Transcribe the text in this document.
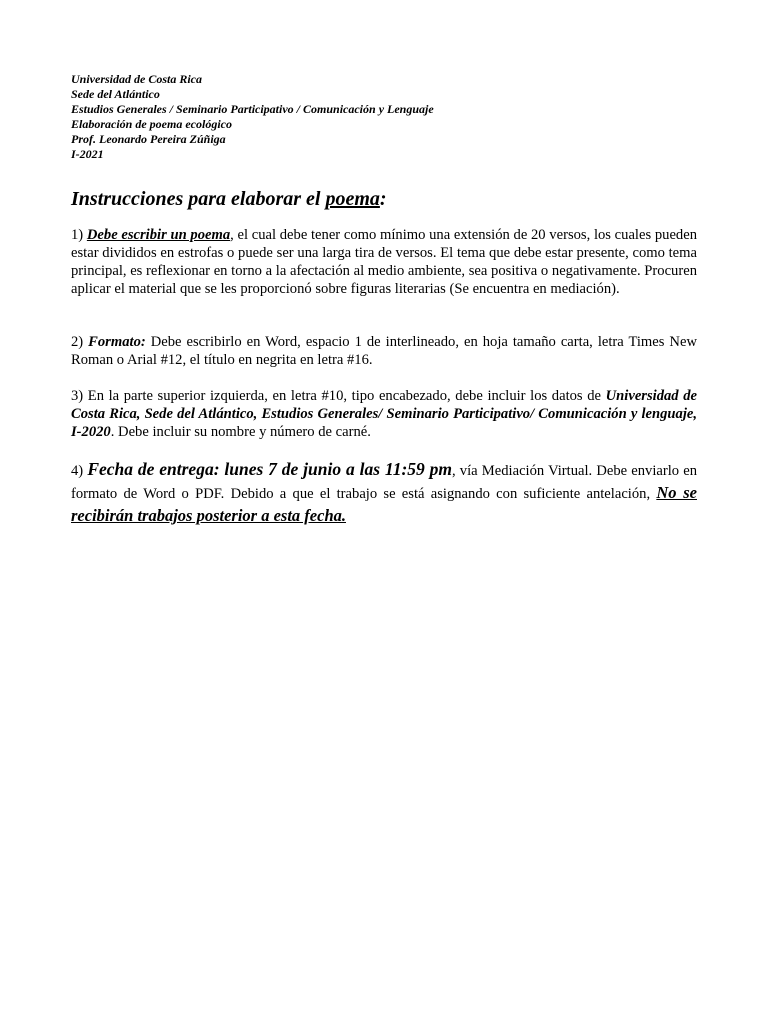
Universidad de Costa Rica
Sede del Atlántico
Estudios Generales / Seminario Participativo / Comunicación y Lenguaje
Elaboración de poema ecológico
Prof. Leonardo Pereira Zúñiga
I-2021
Instrucciones para elaborar el poema:
1) Debe escribir un poema, el cual debe tener como mínimo una extensión de 20 versos, los cuales pueden estar divididos en estrofas o puede ser una larga tira de versos. El tema que debe estar presente, como tema principal, es reflexionar en torno a la afectación al medio ambiente, sea positiva o negativamente. Procuren aplicar el material que se les proporcionó sobre figuras literarias (Se encuentra en mediación).
2) Formato: Debe escribirlo en Word, espacio 1 de interlineado, en hoja tamaño carta, letra Times New Roman o Arial #12, el título en negrita en letra #16.
3) En la parte superior izquierda, en letra #10, tipo encabezado, debe incluir los datos de Universidad de Costa Rica, Sede del Atlántico, Estudios Generales/ Seminario Participativo/ Comunicación y lenguaje, I-2020. Debe incluir su nombre y número de carné.
4) Fecha de entrega: lunes 7 de junio a las 11:59 pm, vía Mediación Virtual. Debe enviarlo en formato de Word o PDF. Debido a que el trabajo se está asignando con suficiente antelación, No se recibirán trabajos posterior a esta fecha.
